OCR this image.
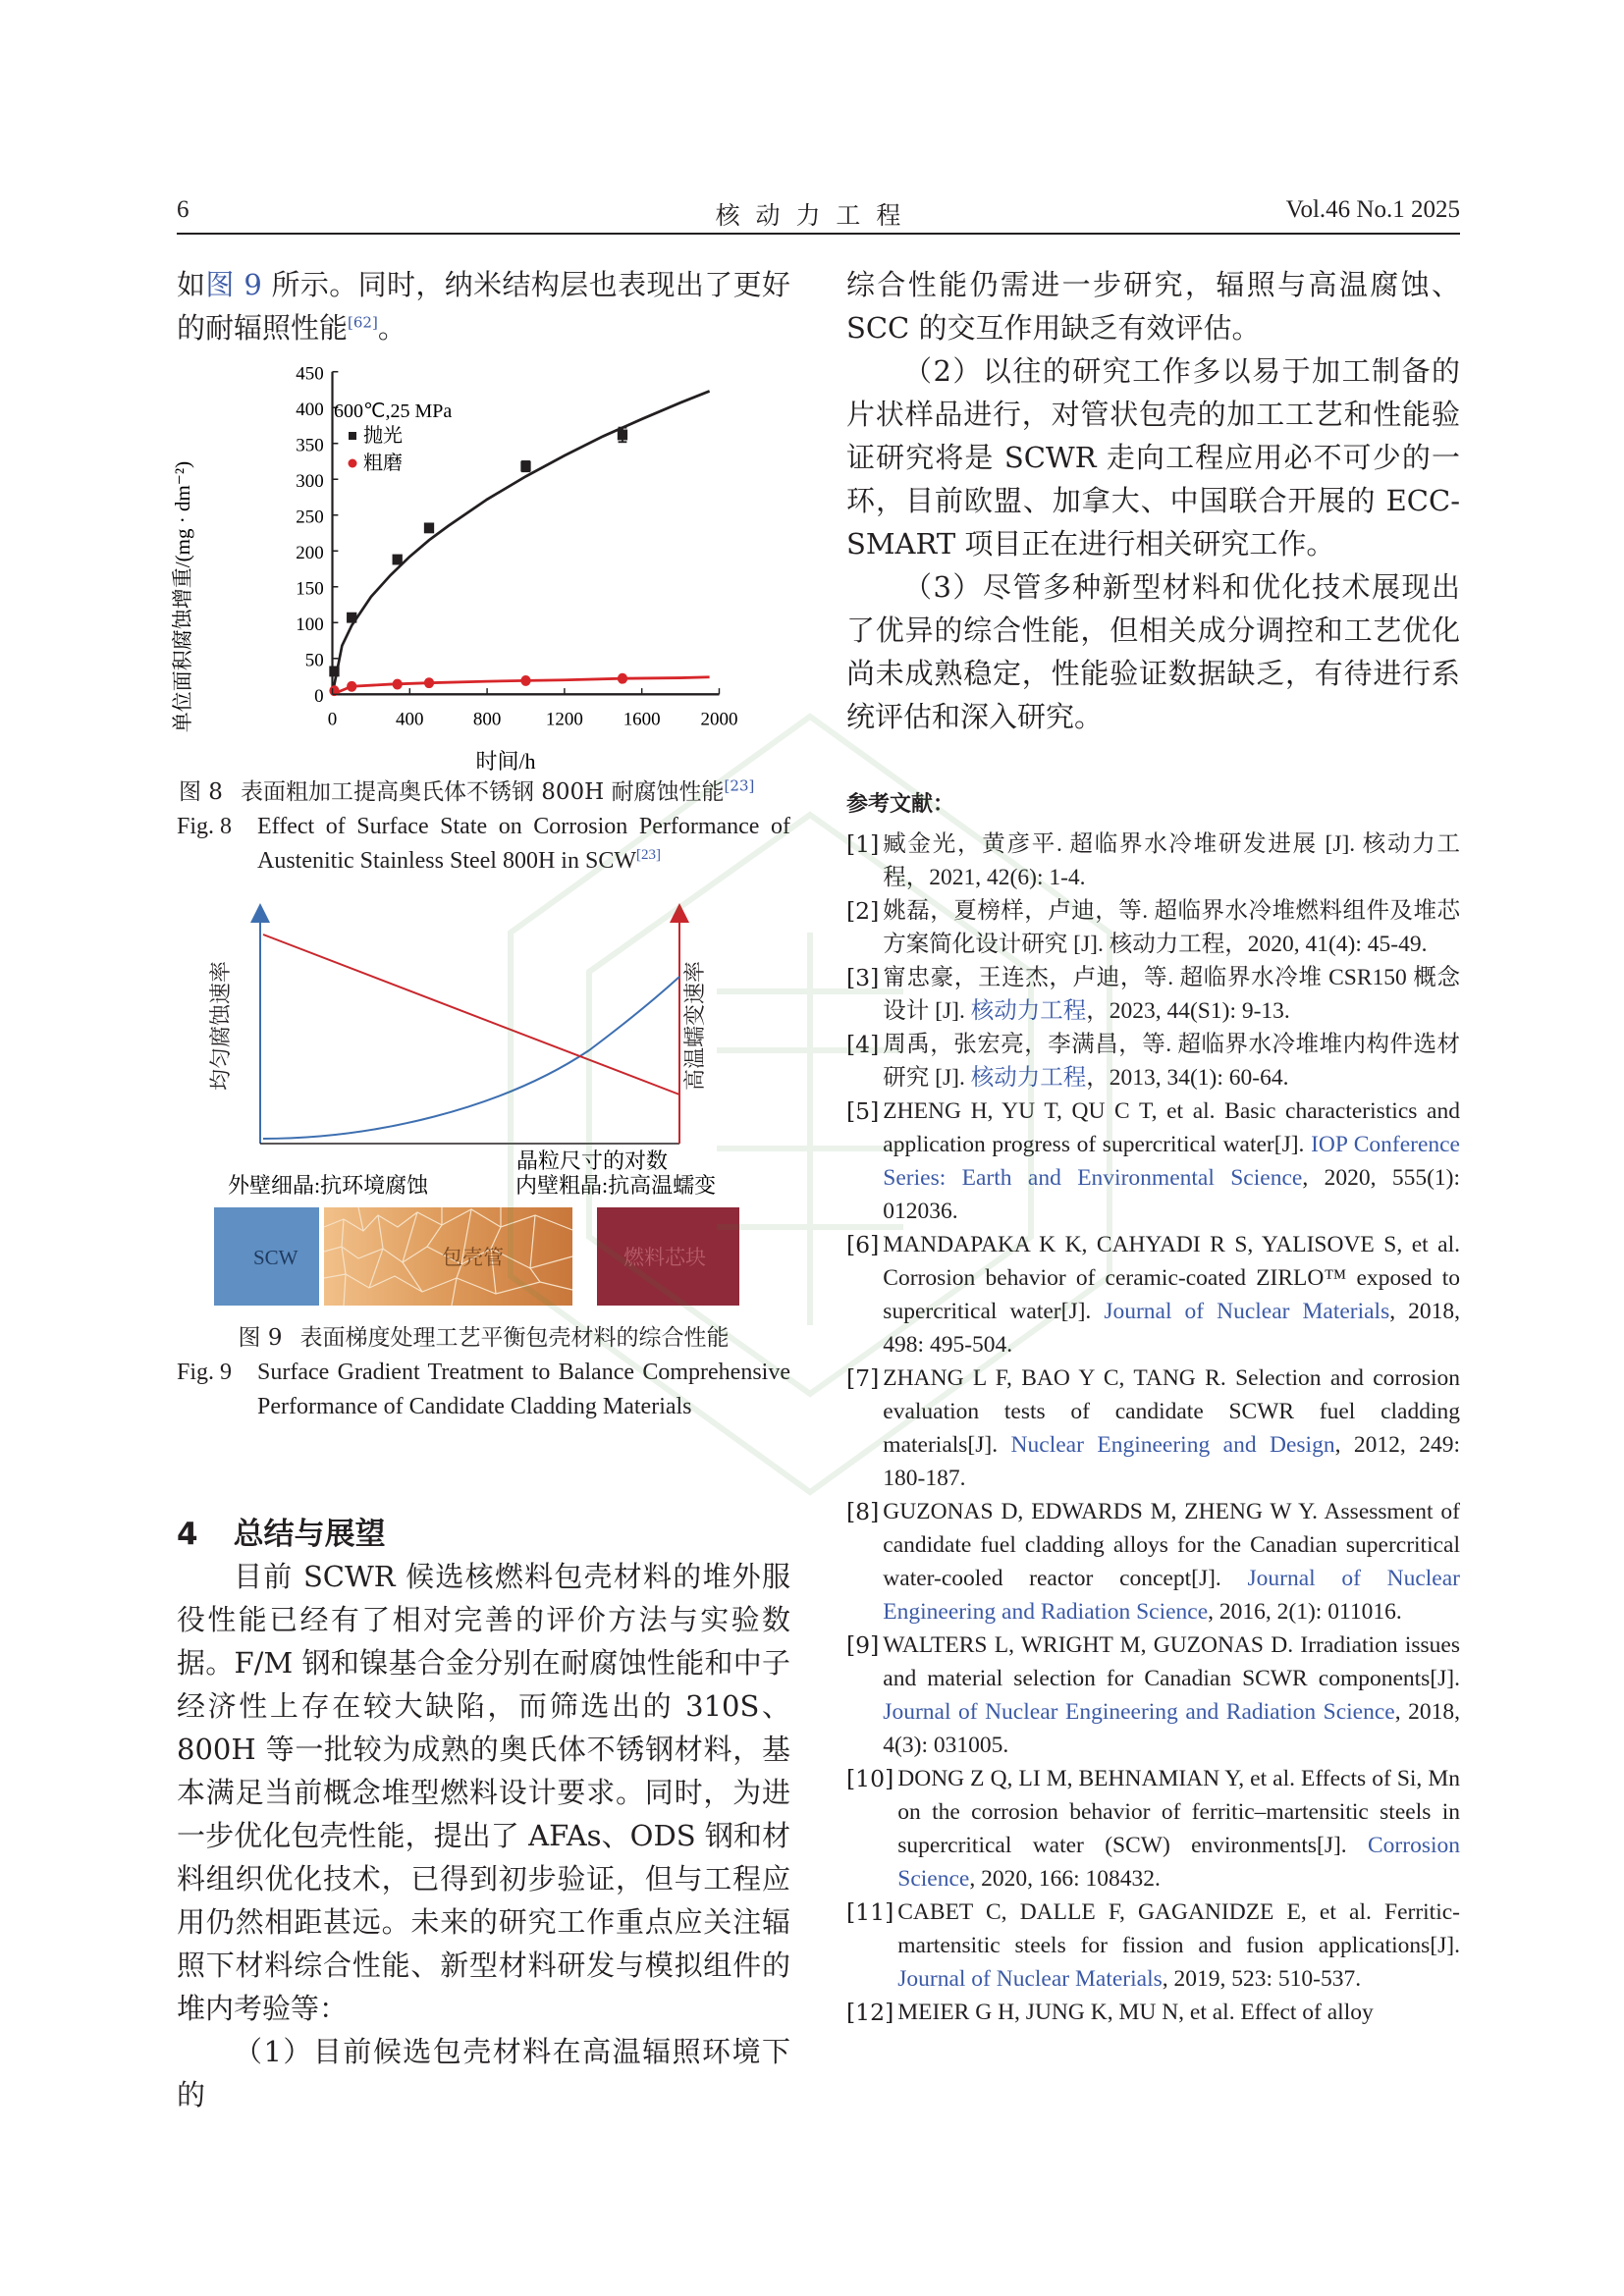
6	核 动 力 工 程	Vol.46 No.1 2025

如图 9 所示。同时，纳米结构层也表现出了更好的耐辐照性能[62]。

0	400	800 1200 1600 2000
0
50
100
150
200
250
300
350
400
450
600℃,25 MPa
抛光
粗磨
单位面积腐蚀增重/(mg · dm⁻²)
时间/h
图 8 表面粗加工提高奥氏体不锈钢 800H 耐腐蚀性能[23]
Fig. 8	Effect of Surface State on Corrosion Performance of Austenitic Stainless Steel 800H in SCW[23]
均匀腐蚀速率	高温蠕变速率
晶粒尺寸的对数
外壁细晶:抗环境腐蚀	内壁粗晶:抗高温蠕变
SCW	包壳管	燃料芯块
图 9 表面梯度处理工艺平衡包壳材料的综合性能
Fig. 9	Surface Gradient Treatment to Balance Comprehensive Performance of Candidate Cladding Materials
4 总结与展望

目前 SCWR 候选核燃料包壳材料的堆外服役性能已经有了相对完善的评价方法与实验数据。F/M 钢和镍基合金分别在耐腐蚀性能和中子经济性上存在较大缺陷，而筛选出的 310S、800H 等一批较为成熟的奥氏体不锈钢材料，基本满足当前概念堆型燃料设计要求。同时，为进一步优化包壳性能，提出了 AFAs、ODS 钢和材料组织优化技术，已得到初步验证，但与工程应用仍然相距甚远。未来的研究工作重点应关注辐照下材料综合性能、新型材料研发与模拟组件的堆内考验等：

（1）目前候选包壳材料在高温辐照环境下的

综合性能仍需进一步研究，辐照与高温腐蚀、SCC 的交互作用缺乏有效评估。

（2）以往的研究工作多以易于加工制备的片状样品进行，对管状包壳的加工工艺和性能验证研究将是 SCWR 走向工程应用必不可少的一环，目前欧盟、加拿大、中国联合开展的 ECC-SMART 项目正在进行相关研究工作。

（3）尽管多种新型材料和优化技术展现出了优异的综合性能，但相关成分调控和工艺优化尚未成熟稳定，性能验证数据缺乏，有待进行系统评估和深入研究。

参考文献：
[1] 臧金光，黄彦平. 超临界水冷堆研发进展 [J]. 核动力工程，2021, 42(6): 1-4.
[2] 姚磊，夏榜样，卢迪，等. 超临界水冷堆燃料组件及堆芯方案简化设计研究 [J]. 核动力工程，2020, 41(4): 45-49.
[3] 甯忠豪，王连杰，卢迪，等. 超临界水冷堆 CSR150 概念设计 [J]. 核动力工程，2023, 44(S1): 9-13.
[4] 周禹，张宏亮，李满昌，等. 超临界水冷堆堆内构件选材研究 [J]. 核动力工程，2013, 34(1): 60-64.
[5] ZHENG H, YU T, QU C T, et al. Basic characteristics and application progress of supercritical water[J]. IOP Conference Series: Earth and Environmental Science, 2020, 555(1): 012036.
[6] MANDAPAKA K K, CAHYADI R S, YALISOVE S, et al. Corrosion behavior of ceramic-coated ZIRLO™ exposed to supercritical water[J]. Journal of Nuclear Materials, 2018, 498: 495-504.
[7] ZHANG L F, BAO Y C, TANG R. Selection and corrosion evaluation tests of candidate SCWR fuel cladding materials[J]. Nuclear Engineering and Design, 2012, 249: 180-187.
[8] GUZONAS D, EDWARDS M, ZHENG W Y. Assessment of candidate fuel cladding alloys for the Canadian supercritical water-cooled reactor concept[J]. Journal of Nuclear Engineering and Radiation Science, 2016, 2(1): 011016.
[9] WALTERS L, WRIGHT M, GUZONAS D. Irradiation issues and material selection for Canadian SCWR components[J]. Journal of Nuclear Engineering and Radiation Science, 2018, 4(3): 031005.
[10] DONG Z Q, LI M, BEHNAMIAN Y, et al. Effects of Si, Mn on the corrosion behavior of ferritic–martensitic steels in supercritical water (SCW) environments[J]. Corrosion Science, 2020, 166: 108432.
[11] CABET C, DALLE F, GAGANIDZE E, et al. Ferritic-martensitic steels for fission and fusion applications[J]. Journal of Nuclear Materials, 2019, 523: 510-537.
[12] MEIER G H, JUNG K, MU N, et al. Effect of alloy
